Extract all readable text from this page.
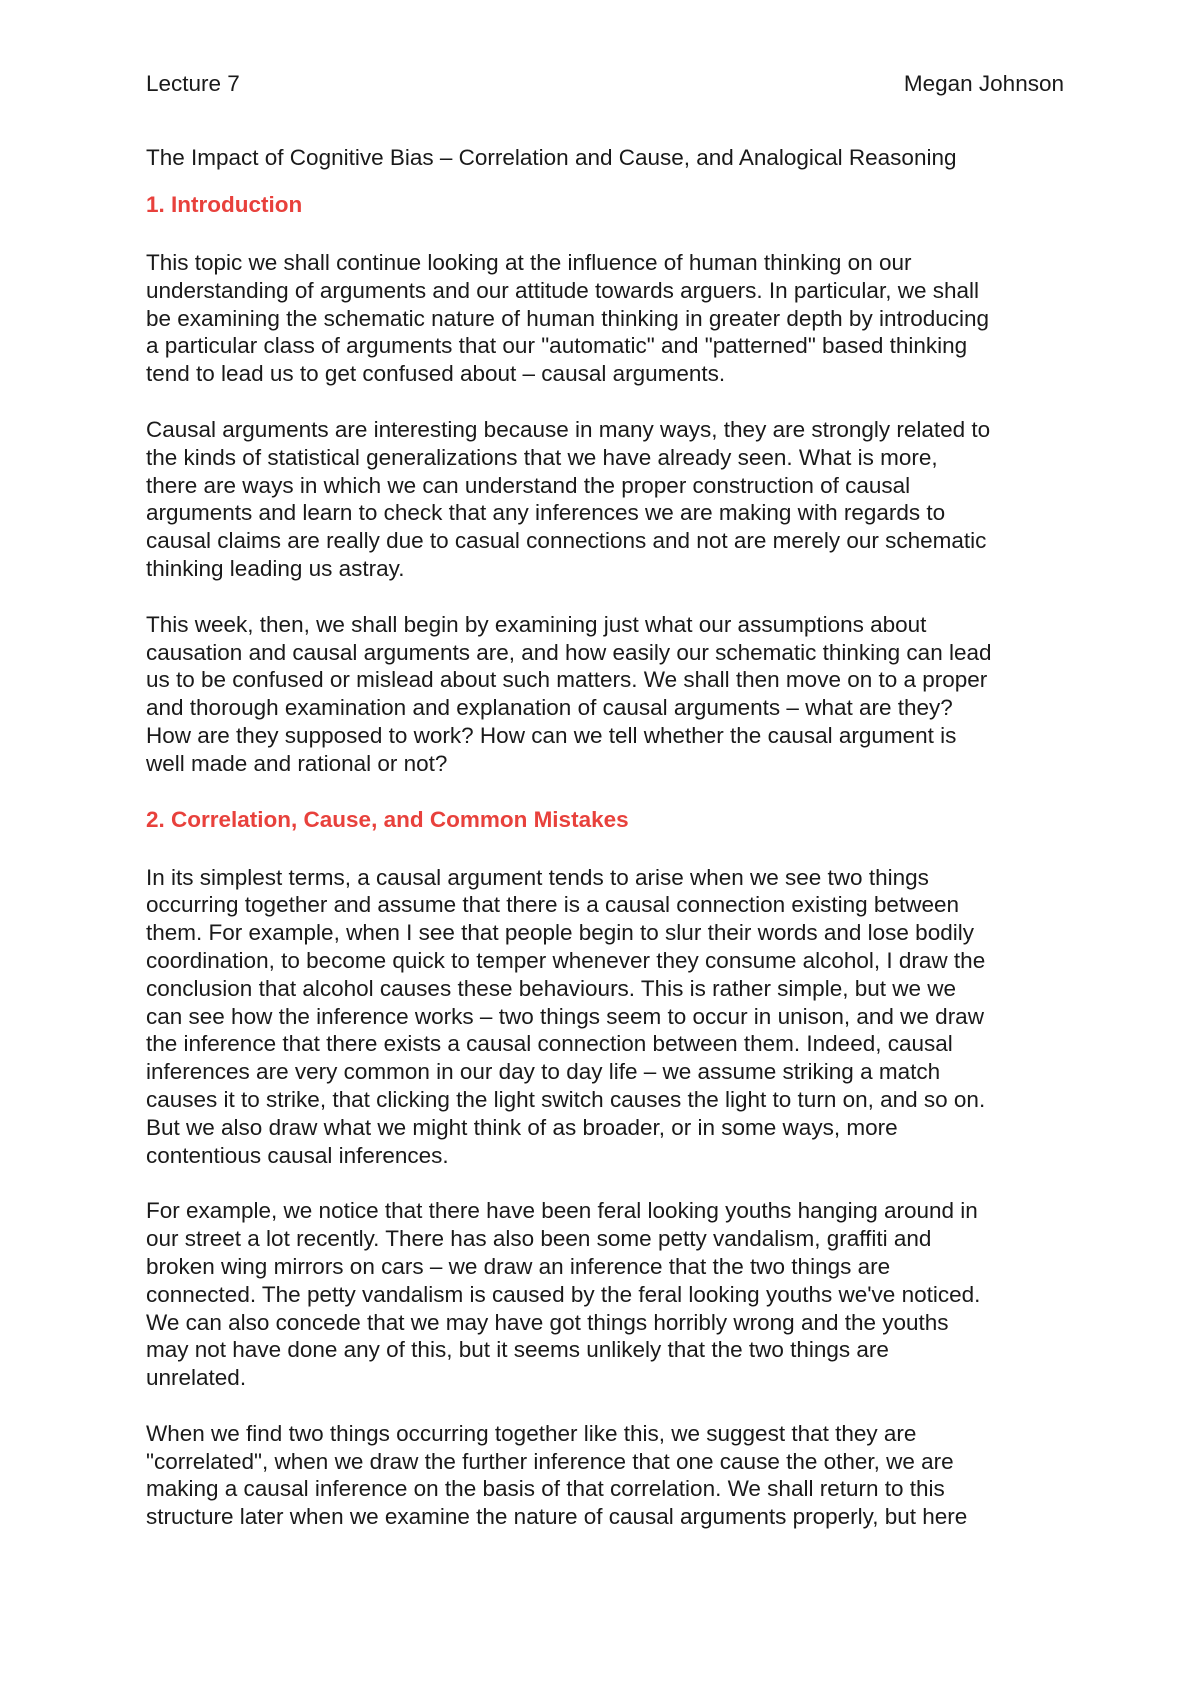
Lecture 7	Megan Johnson
The Impact of Cognitive Bias – Correlation and Cause, and Analogical Reasoning
1. Introduction
This topic we shall continue looking at the influence of human thinking on our
understanding of arguments and our attitude towards arguers. In particular, we shall
be examining the schematic nature of human thinking in greater depth by introducing
a particular class of arguments that our "automatic" and "patterned" based thinking
tend to lead us to get confused about – causal arguments.
Causal arguments are interesting because in many ways, they are strongly related to
the kinds of statistical generalizations that we have already seen. What is more,
there are ways in which we can understand the proper construction of causal
arguments and learn to check that any inferences we are making with regards to
causal claims are really due to casual connections and not are merely our schematic
thinking leading us astray.
This week, then, we shall begin by examining just what our assumptions about
causation and causal arguments are, and how easily our schematic thinking can lead
us to be confused or mislead about such matters. We shall then move on to a proper
and thorough examination and explanation of causal arguments – what are they?
How are they supposed to work? How can we tell whether the causal argument is
well made and rational or not?
2. Correlation, Cause, and Common Mistakes
In its simplest terms, a causal argument tends to arise when we see two things
occurring together and assume that there is a causal connection existing between
them. For example, when I see that people begin to slur their words and lose bodily
coordination, to become quick to temper whenever they consume alcohol, I draw the
conclusion that alcohol causes these behaviours. This is rather simple, but we we
can see how the inference works – two things seem to occur in unison, and we draw
the inference that there exists a causal connection between them. Indeed, causal
inferences are very common in our day to day life – we assume striking a match
causes it to strike, that clicking the light switch causes the light to turn on, and so on.
But we also draw what we might think of as broader, or in some ways, more
contentious causal inferences.
For example, we notice that there have been feral looking youths hanging around in
our street a lot recently. There has also been some petty vandalism, graffiti and
broken wing mirrors on cars – we draw an inference that the two things are
connected. The petty vandalism is caused by the feral looking youths we've noticed.
We can also concede that we may have got things horribly wrong and the youths
may not have done any of this, but it seems unlikely that the two things are
unrelated.
When we find two things occurring together like this, we suggest that they are
"correlated", when we draw the further inference that one cause the other, we are
making a causal inference on the basis of that correlation. We shall return to this
structure later when we examine the nature of causal arguments properly, but here
